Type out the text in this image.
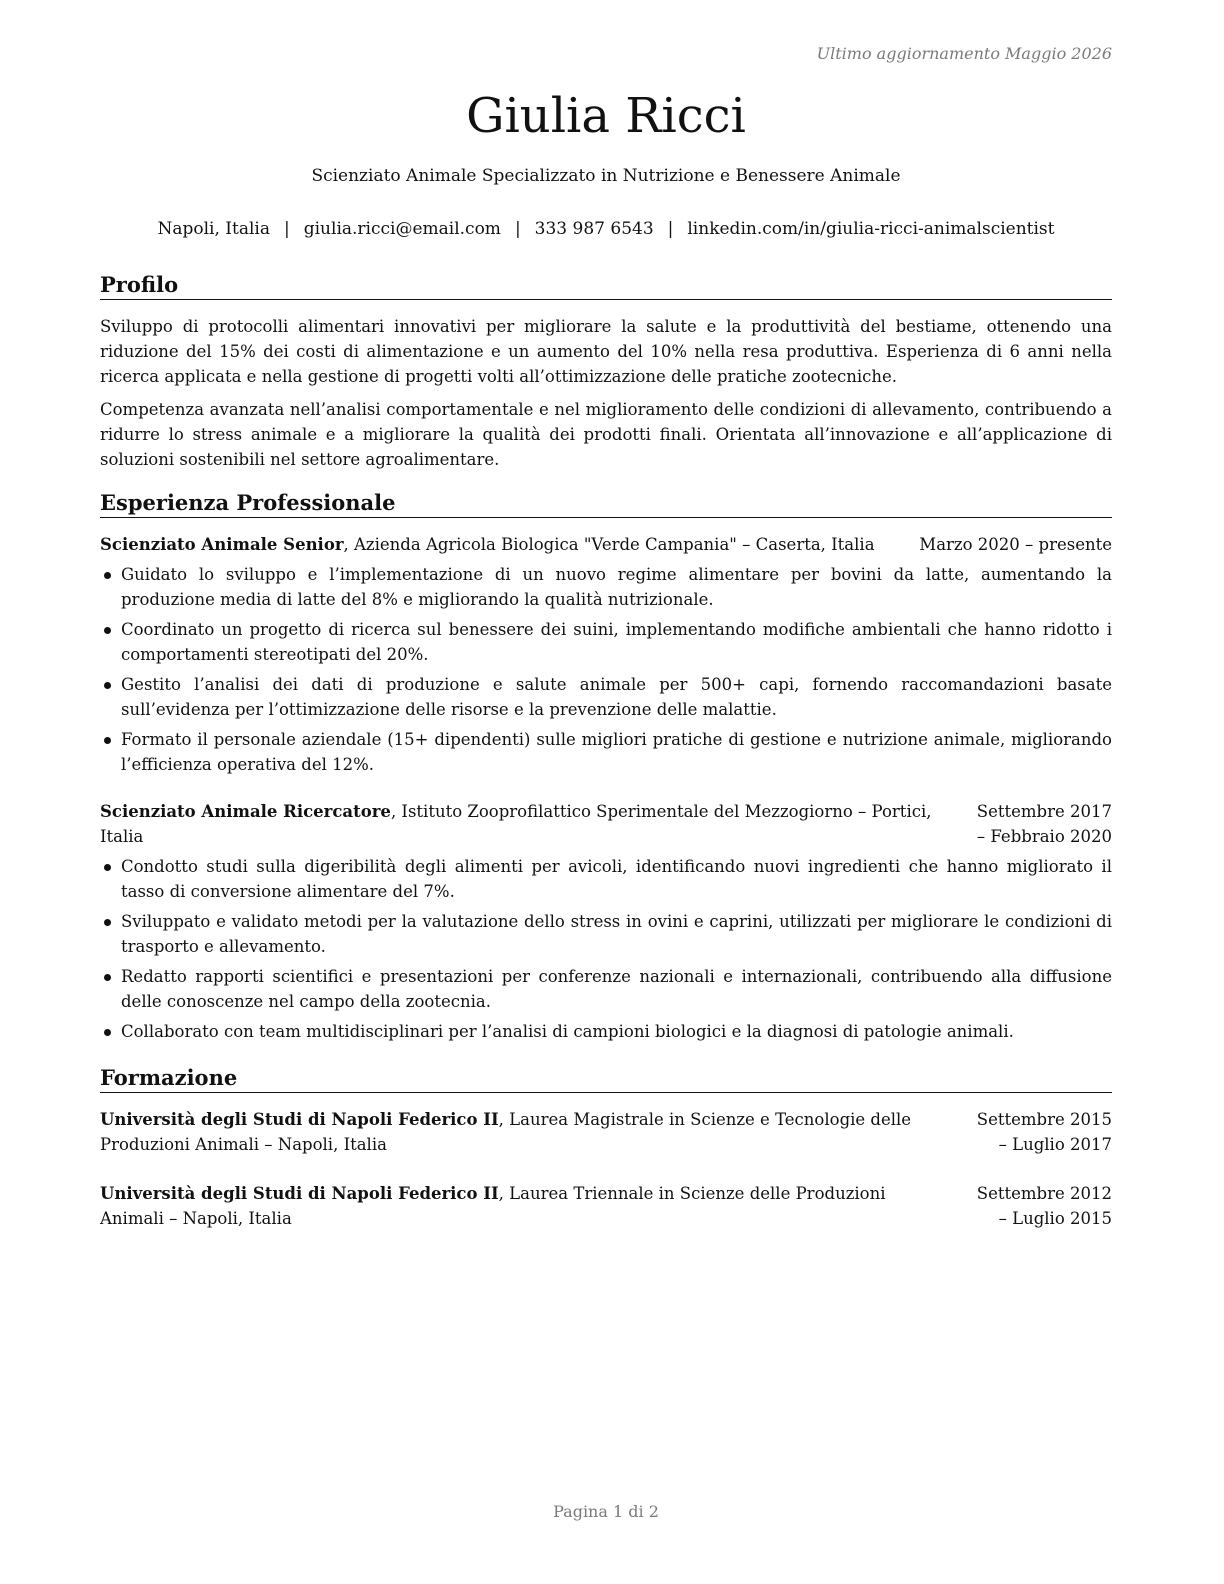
Ultimo aggiornamento Maggio 2026
Giulia Ricci
Scienziato Animale Specializzato in Nutrizione e Benessere Animale
Napoli, Italia | giulia.ricci@email.com | 333 987 6543 | linkedin.com/in/giulia-ricci-animalscientist
Profilo

Sviluppo di protocolli alimentari innovativi per migliorare la salute e la produttività del bestiame, ottenendo una riduzione del 15% dei costi di alimentazione e un aumento del 10% nella resa produttiva. Esperienza di 6 anni nella ricerca applicata e nella gestione di progetti volti all’ottimizzazione delle pratiche zootecniche.

Competenza avanzata nell’analisi comportamentale e nel miglioramento delle condizioni di allevamento, contribuendo a ridurre lo stress animale e a migliorare la qualità dei prodotti finali. Orientata all’innovazione e all’applicazione di soluzioni sostenibili nel settore agroalimentare.

Esperienza Professionale
Scienziato Animale Senior, Azienda Agricola Biologica "Verde Campania" – Caserta, Italia	Marzo 2020 – presente
Guidato lo sviluppo e l’implementazione di un nuovo regime alimentare per bovini da latte, aumentando la produzione media di latte del 8% e migliorando la qualità nutrizionale.
Coordinato un progetto di ricerca sul benessere dei suini, implementando modifiche ambientali che hanno ridotto i comportamenti stereotipati del 20%.
Gestito l’analisi dei dati di produzione e salute animale per 500+ capi, fornendo raccomandazioni basate sull’evidenza per l’ottimizzazione delle risorse e la prevenzione delle malattie.
Formato il personale aziendale (15+ dipendenti) sulle migliori pratiche di gestione e nutrizione animale, migliorando l’efficienza operativa del 12%.
Scienziato Animale Ricercatore, Istituto Zooprofilattico Sperimentale del Mezzogiorno – Portici, Italia
Settembre 2017 – Febbraio 2020
Condotto studi sulla digeribilità degli alimenti per avicoli, identificando nuovi ingredienti che hanno migliorato il tasso di conversione alimentare del 7%.
Sviluppato e validato metodi per la valutazione dello stress in ovini e caprini, utilizzati per migliorare le condizioni di trasporto e allevamento.
Redatto rapporti scientifici e presentazioni per conferenze nazionali e internazionali, contribuendo alla diffusione delle conoscenze nel campo della zootecnia.
Collaborato con team multidisciplinari per l’analisi di campioni biologici e la diagnosi di patologie animali.
Formazione
Università degli Studi di Napoli Federico II, Laurea Magistrale in Scienze e Tecnologie delle Produzioni Animali – Napoli, Italia
Settembre 2015 – Luglio 2017
Università degli Studi di Napoli Federico II, Laurea Triennale in Scienze delle Produzioni Animali – Napoli, Italia
Settembre 2012 – Luglio 2015
Pagina 1 di 2
